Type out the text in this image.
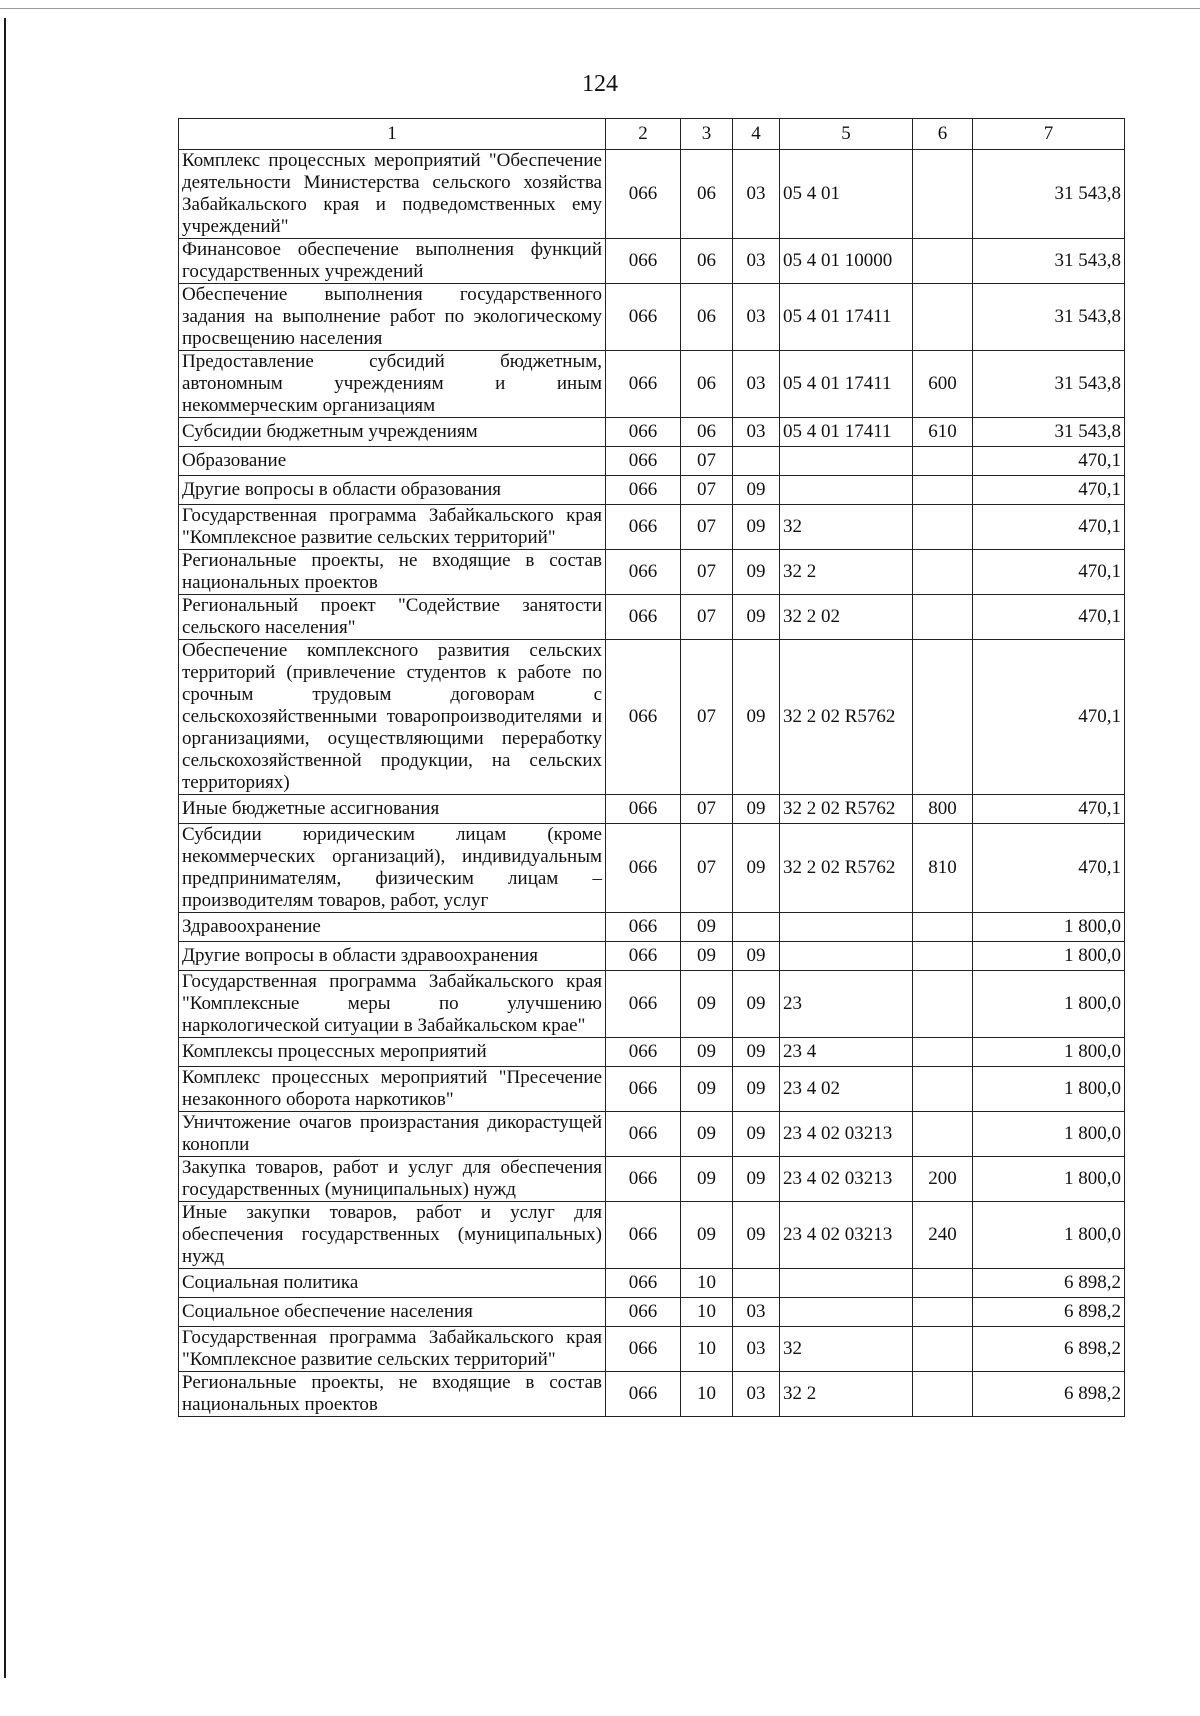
124
1	2	3	4	5	6	7
Комплекс процессных мероприятий "Обеспечение деятельности Министерства сельского хозяйства Забайкальского края и подведомственных ему учреждений"	066	06	03	05 4 01		31 543,8
Финансовое обеспечение выполнения функций государственных учреждений	066	06	03	05 4 01 10000		31 543,8
Обеспечение выполнения государственного задания на выполнение работ по экологическому просвещению населения	066	06	03	05 4 01 17411		31 543,8
Предоставление субсидий бюджетным, автономным учреждениям и иным некоммерческим организациям	066	06	03	05 4 01 17411	600	31 543,8
Субсидии бюджетным учреждениям	066	06	03	05 4 01 17411	610	31 543,8
Образование	066	07				470,1
Другие вопросы в области образования	066	07	09			470,1
Государственная программа Забайкальского края "Комплексное развитие сельских территорий"	066	07	09	32		470,1
Региональные проекты, не входящие в состав национальных проектов	066	07	09	32 2		470,1
Региональный проект "Содействие занятости сельского населения"	066	07	09	32 2 02		470,1
Обеспечение комплексного развития сельских территорий (привлечение студентов к работе по срочным трудовым договорам с сельскохозяйственными товаропроизводителями и организациями, осуществляющими переработку сельскохозяйственной продукции, на сельских территориях)	066	07	09	32 2 02 R5762		470,1
Иные бюджетные ассигнования	066	07	09	32 2 02 R5762	800	470,1
Субсидии юридическим лицам (кроме некоммерческих организаций), индивидуальным предпринимателям, физическим лицам – производителям товаров, работ, услуг	066	07	09	32 2 02 R5762	810	470,1
Здравоохранение	066	09				1 800,0
Другие вопросы в области здравоохранения	066	09	09			1 800,0
Государственная программа Забайкальского края "Комплексные меры по улучшению наркологической ситуации в Забайкальском крае"	066	09	09	23		1 800,0
Комплексы процессных мероприятий	066	09	09	23 4		1 800,0
Комплекс процессных мероприятий "Пресечение незаконного оборота наркотиков"	066	09	09	23 4 02		1 800,0
Уничтожение очагов произрастания дикорастущей конопли	066	09	09	23 4 02 03213		1 800,0
Закупка товаров, работ и услуг для обеспечения государственных (муниципальных) нужд	066	09	09	23 4 02 03213	200	1 800,0
Иные закупки товаров, работ и услуг для обеспечения государственных (муниципальных) нужд	066	09	09	23 4 02 03213	240	1 800,0
Социальная политика	066	10				6 898,2
Социальное обеспечение населения	066	10	03			6 898,2
Государственная программа Забайкальского края "Комплексное развитие сельских территорий"	066	10	03	32		6 898,2
Региональные проекты, не входящие в состав национальных проектов	066	10	03	32 2		6 898,2
